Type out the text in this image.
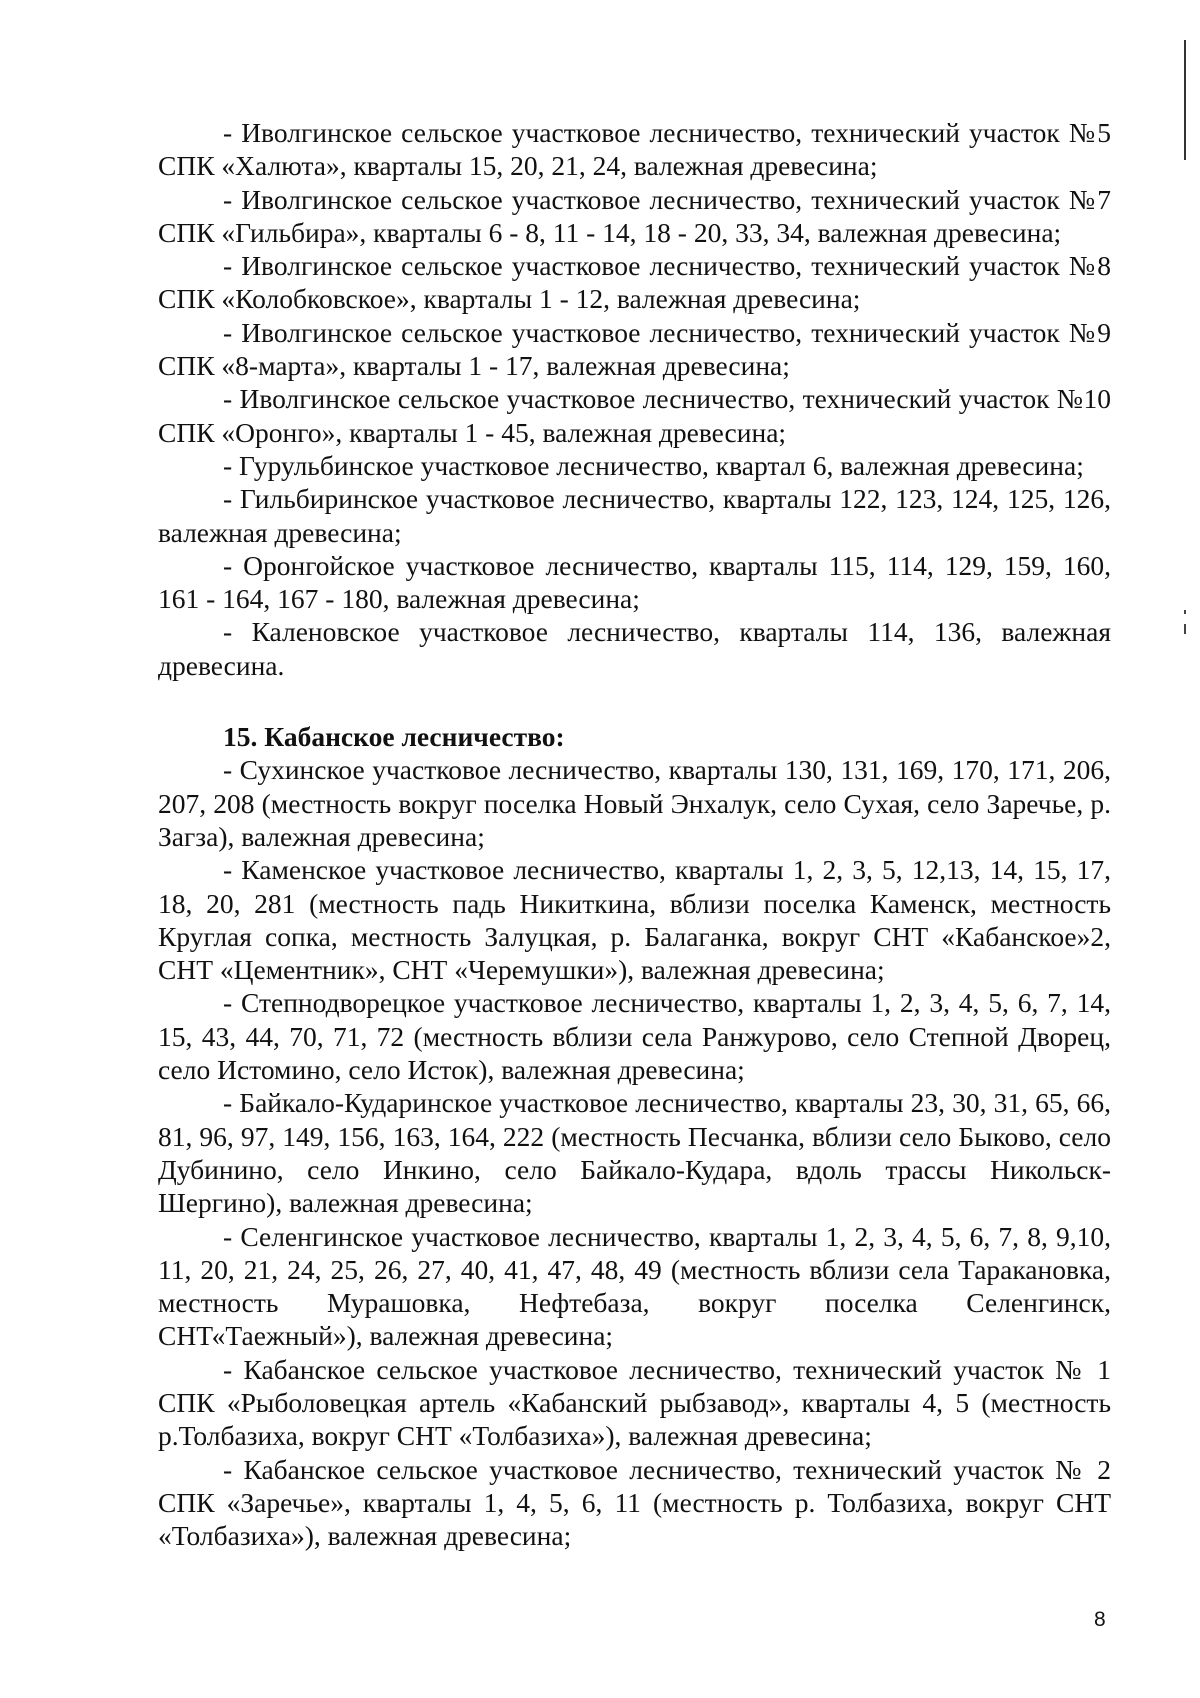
- Иволгинское сельское участковое лесничество, технический участок №5 СПК «Халюта», кварталы 15, 20, 21, 24, валежная древесина;

- Иволгинское сельское участковое лесничество, технический участок №7 СПК «Гильбира», кварталы 6 - 8, 11 - 14, 18 - 20, 33, 34, валежная древесина;

- Иволгинское сельское участковое лесничество, технический участок №8 СПК «Колобковское», кварталы 1 - 12, валежная древесина;

- Иволгинское сельское участковое лесничество, технический участок №9 СПК «8-марта», кварталы 1 - 17, валежная древесина;

- Иволгинское сельское участковое лесничество, технический участок №10 СПК «Оронго», кварталы 1 - 45, валежная древесина;

- Гурульбинское участковое лесничество, квартал 6, валежная древесина;

- Гильбиринское участковое лесничество, кварталы 122, 123, 124, 125, 126, валежная древесина;

- Оронгойское участковое лесничество, кварталы 115, 114, 129, 159, 160, 161 - 164, 167 - 180, валежная древесина;

- Каленовское участковое лесничество, кварталы 114, 136, валежная древесина.

15. Кабанское лесничество:

- Сухинское участковое лесничество, кварталы 130, 131, 169, 170, 171, 206, 207, 208 (местность вокруг поселка Новый Энхалук, село Сухая, село Заречье, р. Загза), валежная древесина;

- Каменское участковое лесничество, кварталы 1, 2, 3, 5, 12,13, 14, 15, 17, 18, 20, 281 (местность падь Никиткина, вблизи поселка Каменск, местность Круглая сопка, местность Залуцкая, р. Балаганка, вокруг СНТ «Кабанское»2, СНТ «Цементник», СНТ «Черемушки»), валежная древесина;

- Степнодворецкое участковое лесничество, кварталы 1, 2, 3, 4, 5, 6, 7, 14, 15, 43, 44, 70, 71, 72 (местность вблизи села Ранжурово, село Степной Дворец, село Истомино, село Исток), валежная древесина;

- Байкало-Кударинское участковое лесничество, кварталы 23, 30, 31, 65, 66, 81, 96, 97, 149, 156, 163, 164, 222 (местность Песчанка, вблизи село Быково, село Дубинино, село Инкино, село Байкало-Кудара, вдоль трассы Никольск-Шергино), валежная древесина;

- Селенгинское участковое лесничество, кварталы 1, 2, 3, 4, 5, 6, 7, 8, 9,10, 11, 20, 21, 24, 25, 26, 27, 40, 41, 47, 48, 49 (местность вблизи села Таракановка, местность Мурашовка, Нефтебаза, вокруг поселка Селенгинск, СНТ«Таежный»), валежная древесина;

- Кабанское сельское участковое лесничество, технический участок № 1 СПК «Рыболовецкая артель «Кабанский рыбзавод», кварталы 4, 5 (местность р.Толбазиха, вокруг СНТ «Толбазиха»), валежная древесина;

- Кабанское сельское участковое лесничество, технический участок № 2 СПК «Заречье», кварталы 1, 4, 5, 6, 11 (местность р. Толбазиха, вокруг СНТ «Толбазиха»), валежная древесина;

8
